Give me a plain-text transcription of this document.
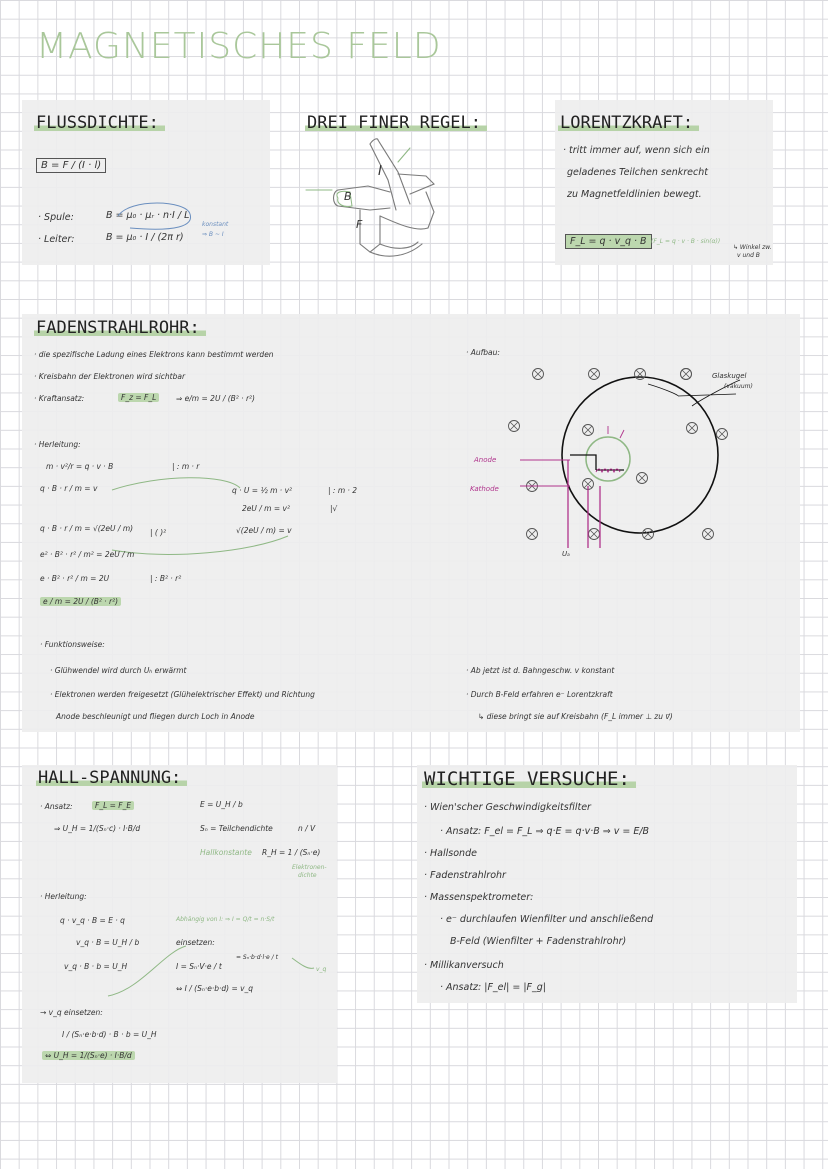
MAGNETISCHES FELD
FLUSSDICHTE:
B = F / (I · l)
· Spule:	B = μ₀ · μᵣ · n·I / L
· Leiter:	B = μ₀ · I / (2π r)
konstant
⇒ B ~ I
DREI FINER REGEL:
I
B
F
LORENTZKRAFT:
· tritt immer auf, wenn sich ein
geladenes Teilchen senkrecht
zu Magnetfeldlinien bewegt.
F_L = q · v_q · B (F_L = q · v · B · sin(α))
↳ Winkel zw.
v und B
FADENSTRAHLROHR:
· die spezifische Ladung eines Elektrons kann bestimmt werden
· Kreisbahn der Elektronen wird sichtbar
· Kraftansatz:	F_z = F_L	⇒ e/m = 2U / (B² · r²)
· Herleitung:
m · v²/r = q · v · B	| : m · r
q · B · r / m = v	q · U = ½ m · v²	| : m · 2
2eU / m = v²	|√
√(2eU / m) = v
q · B · r / m = √(2eU / m) | ( )²
e² · B² · r² / m² = 2eU / m
e · B² · r² / m = 2U	| : B² · r²
e / m = 2U / (B² · r²)
· Aufbau:
Glaskugel
(vakuum)
Anode
Kathode
Uₐ
· Funktionsweise:
· Glühwendel wird durch Uₕ erwärmt
· Elektronen werden freigesetzt (Glühelektrischer Effekt) und Richtung
Anode beschleunigt und fliegen durch Loch in Anode
· Ab jetzt ist d. Bahngeschw. v konstant
· Durch B-Feld erfahren e⁻ Lorentzkraft
↳ diese bringt sie auf Kreisbahn (F_L immer ⊥ zu v⃗)
HALL-SPANNUNG:
· Ansatz:	F_L = F_E
⇒ U_H = 1/(Sₙ·c) · I·B/d
E = U_H / b
Sₙ = Teilchendichte	n / V
Hallkonstante R_H = 1 / (Sₙ·e)
Elektronen-
dichte
· Herleitung:
q · v_q · B = E · q
v_q · B = U_H / b
v_q · B · b = U_H
Abhängig von I: ⇒ I = Q/t = n·S/t
einsetzen:
I = Sₙ·V·e / t
= Sₙ·b·d·l·e / t
⇔ I / (Sₙ·e·b·d) = v_q
v_q
→ v_q einsetzen:
I / (Sₙ·e·b·d) · B · b = U_H
⇔ U_H = 1/(Sₙ·e) · I·B/d
WICHTIGE VERSUCHE:
· Wien'scher Geschwindigkeitsfilter
· Ansatz: F_el = F_L ⇒ q·E = q·v·B ⇒ v = E/B
· Hallsonde
· Fadenstrahlrohr
· Massenspektrometer:
· e⁻ durchlaufen Wienfilter und anschließend
B-Feld (Wienfilter + Fadenstrahlrohr)
· Millikanversuch
· Ansatz: |F_el| = |F_g|
